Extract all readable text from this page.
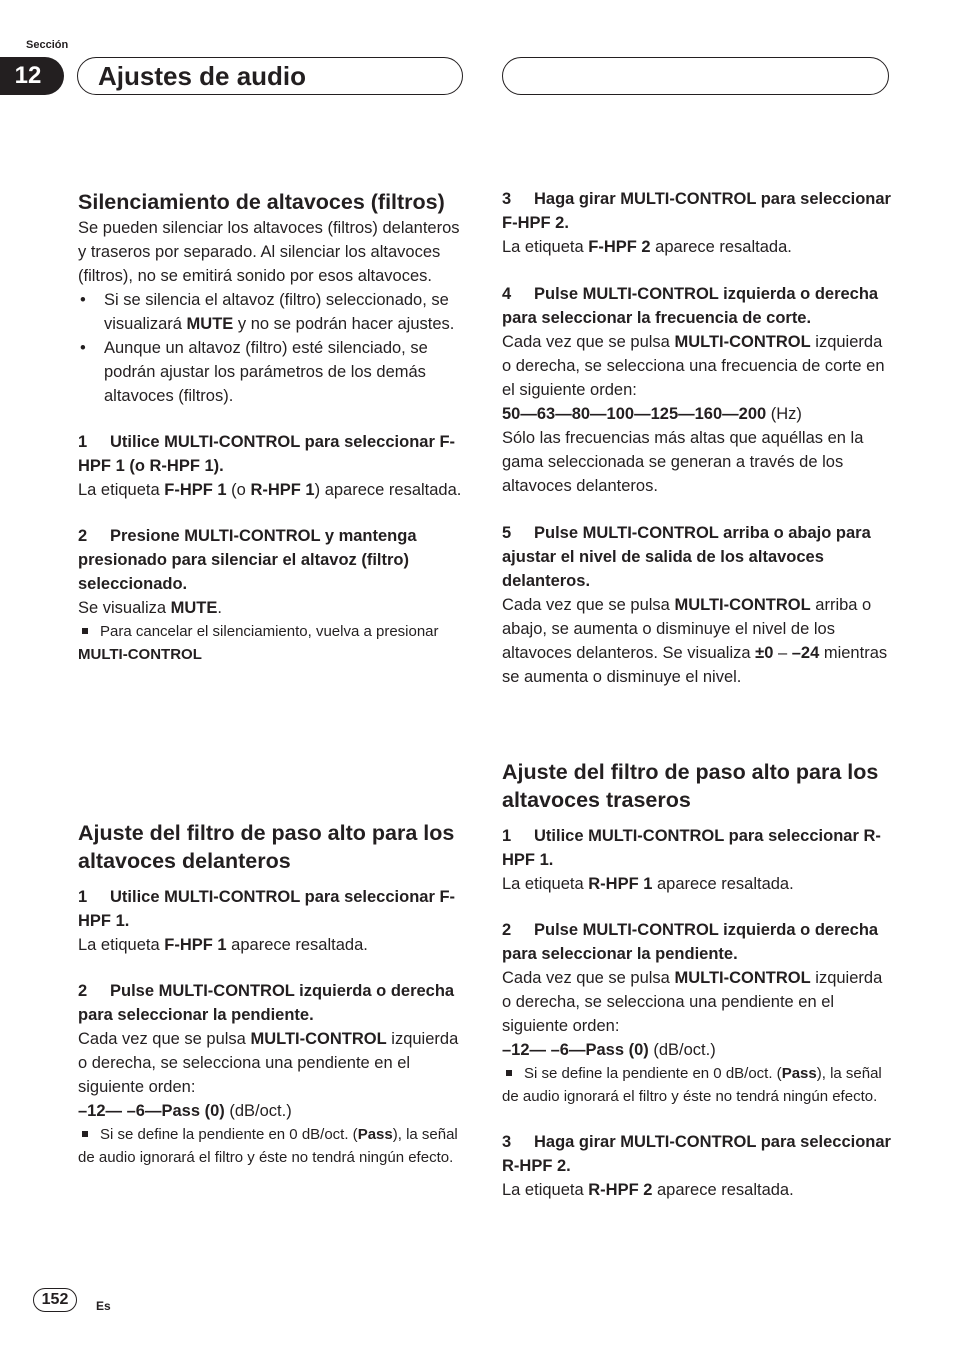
Sección
12	Ajustes de audio
Silenciamiento de altavoces (filtros)

Se pueden silenciar los altavoces (filtros) delanteros y traseros por separado. Al silenciar los altavoces (filtros), no se emitirá sonido por esos altavoces.

• Si se silencia el altavoz (filtro) seleccionado, se visualizará MUTE y no se podrán hacer ajustes.

• Aunque un altavoz (filtro) esté silenciado, se podrán ajustar los parámetros de los demás altavoces (filtros).

1 Utilice MULTI-CONTROL para seleccionar F-HPF 1 (o R-HPF 1).

La etiqueta F-HPF 1 (o R-HPF 1) aparece resaltada.

2 Presione MULTI-CONTROL y mantenga presionado para silenciar el altavoz (filtro) seleccionado.

Se visualiza MUTE.

Para cancelar el silenciamiento, vuelva a presionar MULTI-CONTROL

Ajuste del filtro de paso alto para los altavoces delanteros

1 Utilice MULTI-CONTROL para seleccionar F-HPF 1.

La etiqueta F-HPF 1 aparece resaltada.

2 Pulse MULTI-CONTROL izquierda o derecha para seleccionar la pendiente.

Cada vez que se pulsa MULTI-CONTROL izquierda o derecha, se selecciona una pendiente en el siguiente orden:

–12— –6—Pass (0) (dB/oct.)

Si se define la pendiente en 0 dB/oct. (Pass), la señal de audio ignorará el filtro y éste no tendrá ningún efecto.

3 Haga girar MULTI-CONTROL para seleccionar F-HPF 2.

La etiqueta F-HPF 2 aparece resaltada.

4 Pulse MULTI-CONTROL izquierda o derecha para seleccionar la frecuencia de corte.

Cada vez que se pulsa MULTI-CONTROL izquierda o derecha, se selecciona una frecuencia de corte en el siguiente orden:

50—63—80—100—125—160—200 (Hz)

Sólo las frecuencias más altas que aquéllas en la gama seleccionada se generan a través de los altavoces delanteros.

5 Pulse MULTI-CONTROL arriba o abajo para ajustar el nivel de salida de los altavoces delanteros.

Cada vez que se pulsa MULTI-CONTROL arriba o abajo, se aumenta o disminuye el nivel de los altavoces delanteros. Se visualiza ±0 – –24 mientras se aumenta o disminuye el nivel.

Ajuste del filtro de paso alto para los altavoces traseros

1 Utilice MULTI-CONTROL para seleccionar R-HPF 1.

La etiqueta R-HPF 1 aparece resaltada.

2 Pulse MULTI-CONTROL izquierda o derecha para seleccionar la pendiente.

Cada vez que se pulsa MULTI-CONTROL izquierda o derecha, se selecciona una pendiente en el siguiente orden:

–12— –6—Pass (0) (dB/oct.)

Si se define la pendiente en 0 dB/oct. (Pass), la señal de audio ignorará el filtro y éste no tendrá ningún efecto.

3 Haga girar MULTI-CONTROL para seleccionar R-HPF 2.

La etiqueta R-HPF 2 aparece resaltada.

152	Es
